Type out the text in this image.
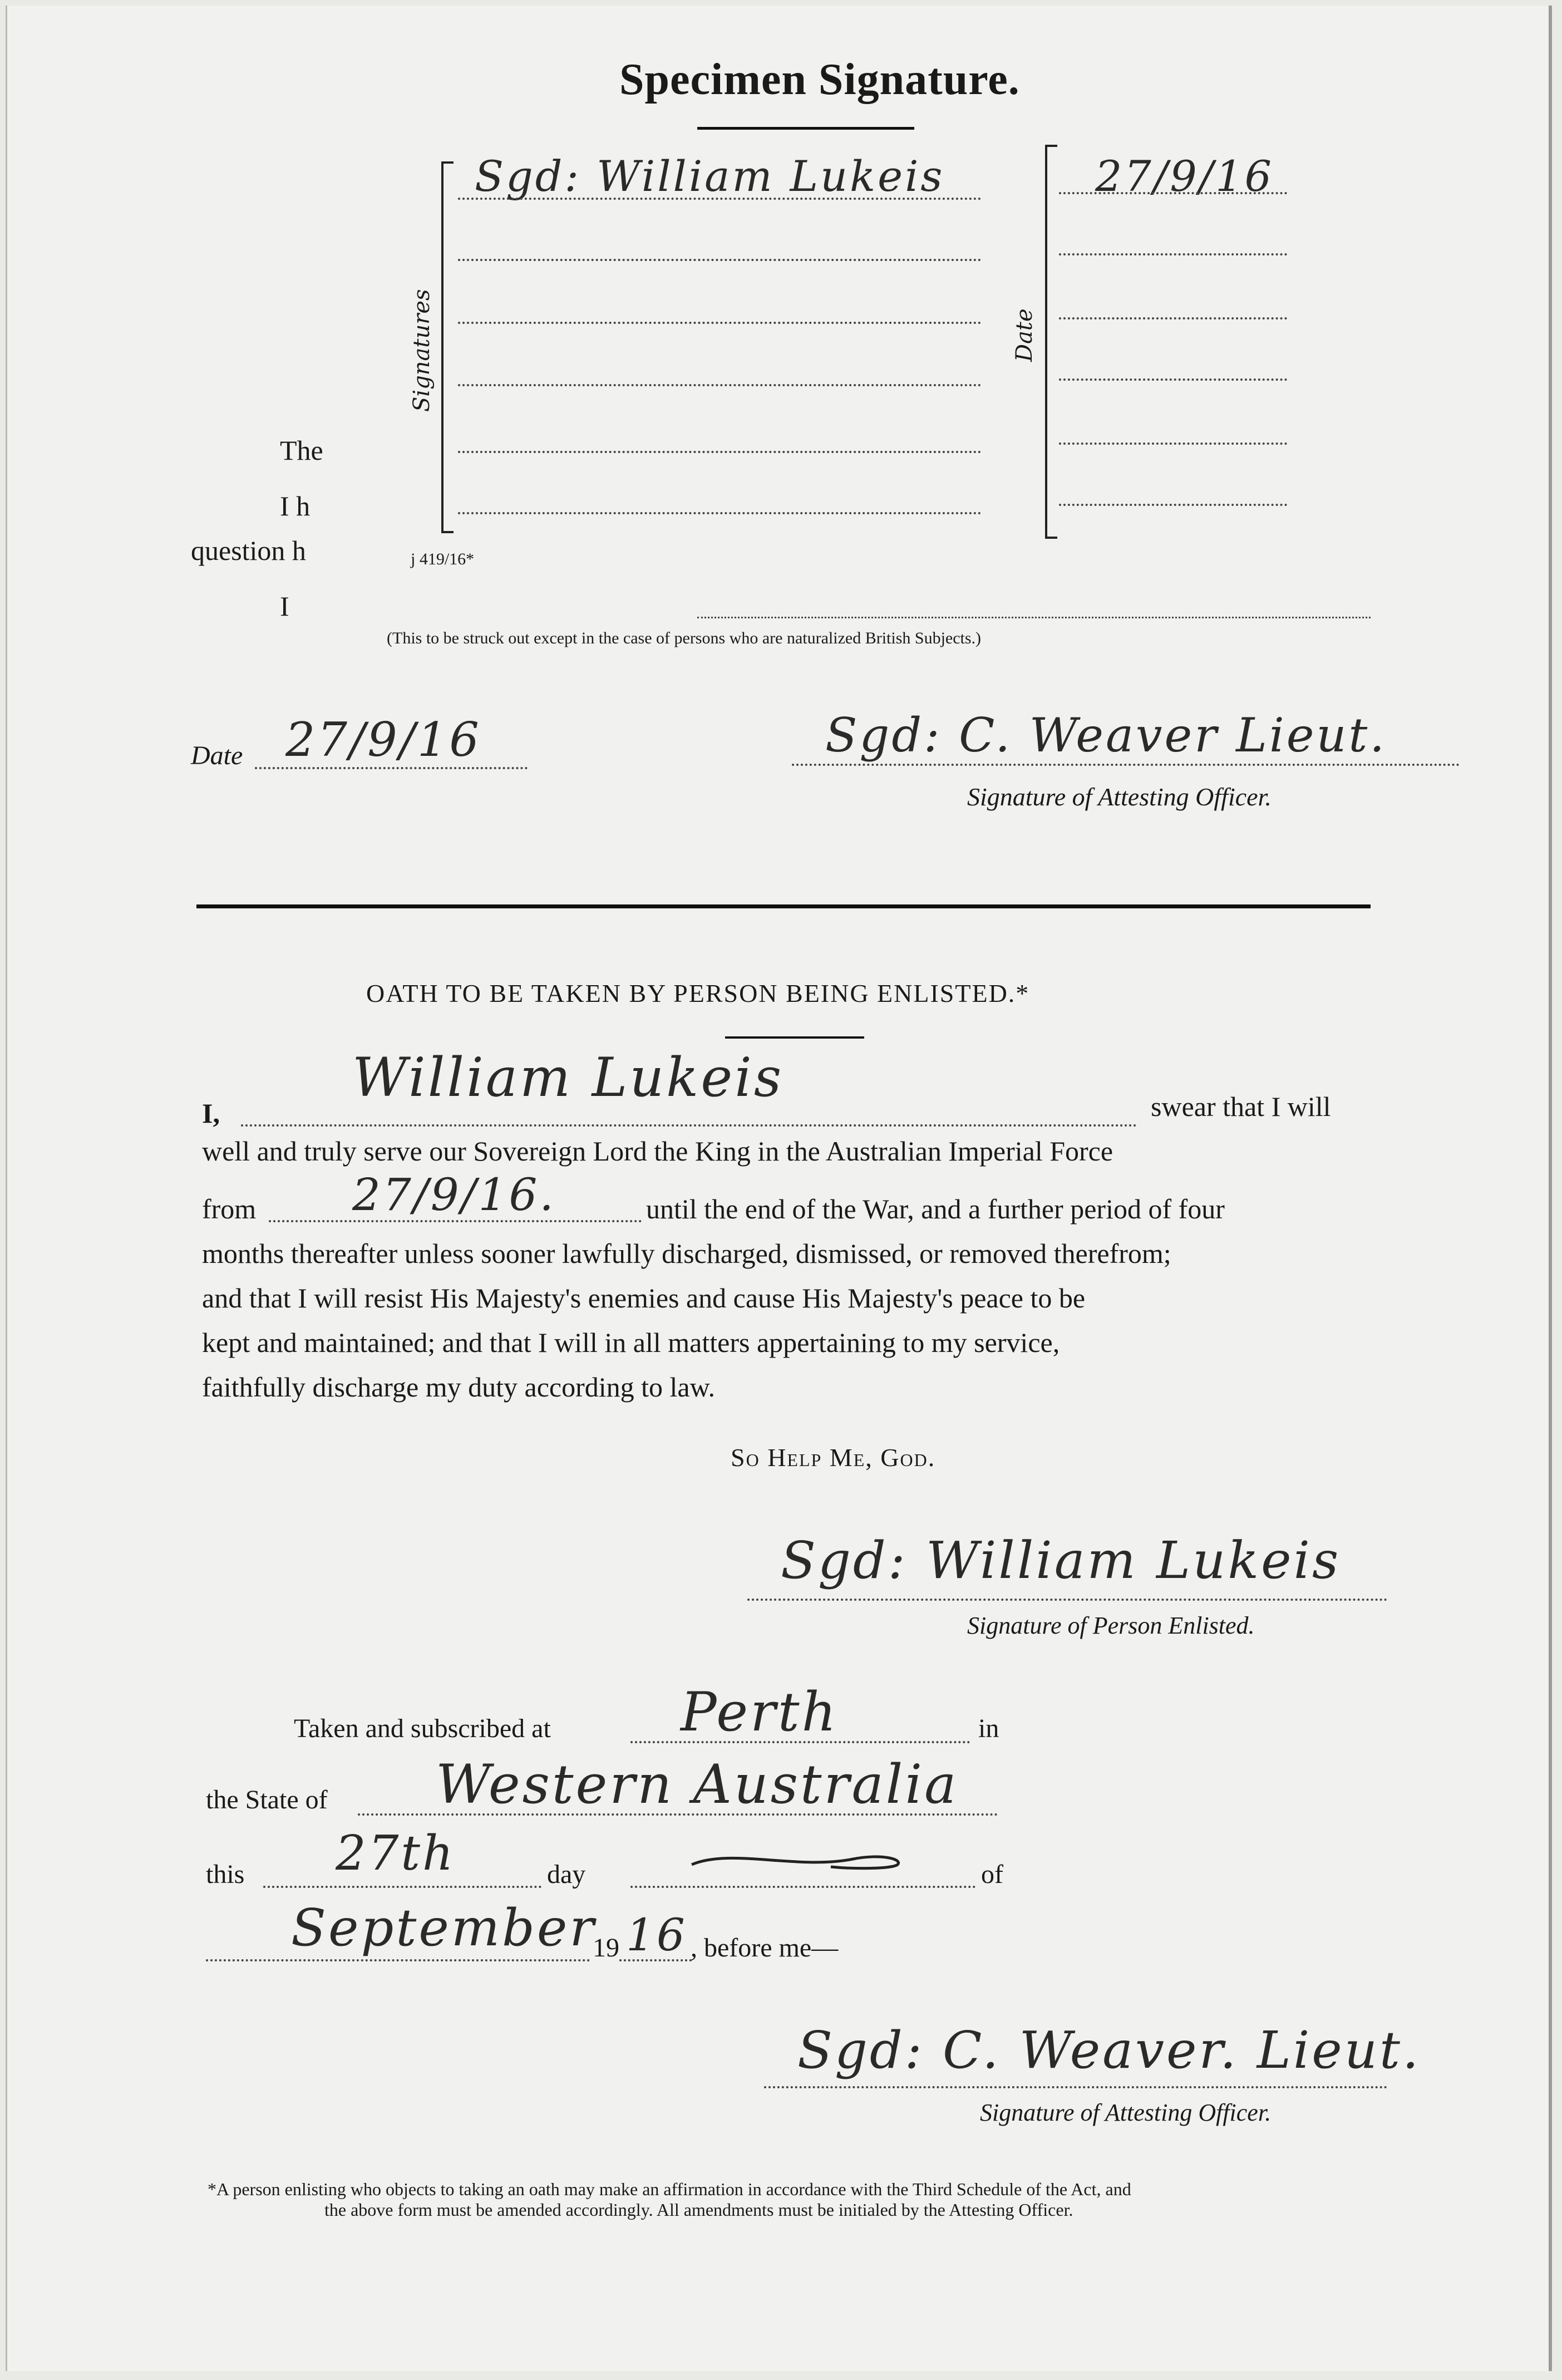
Specimen Signature.
The
I h
question h
I
Signatures
Sgd: William Lukeis
Date
27/9/16
j 419/16*
(This to be struck out except in the case of persons who are naturalized British Subjects.)
Date 27/9/16	Sgd: C. Weaver Lieut.
Signature of Attesting Officer.
OATH TO BE TAKEN BY PERSON BEING ENLISTED.*
I,
William Lukeis	swear that I will
well and truly serve our Sovereign Lord the King in the Australian Imperial Force
from 27/9/16.	until the end of the War, and a further period of four
months thereafter unless sooner lawfully discharged, dismissed, or removed therefrom;
and that I will resist His Majesty's enemies and cause His Majesty's peace to be
kept and maintained; and that I will in all matters appertaining to my service,
faithfully discharge my duty according to law.
So Help Me, God.
Sgd: William Lukeis
Signature of Person Enlisted.
Taken and subscribed at Perth	in
the State of Western Australia
this 27th	day	of
September
19 16 , before me—
Sgd: C. Weaver. Lieut.
Signature of Attesting Officer.
*A person enlisting who objects to taking an oath may make an affirmation in accordance with the Third Schedule of the Act, and
the above form must be amended accordingly. All amendments must be initialed by the Attesting Officer.
